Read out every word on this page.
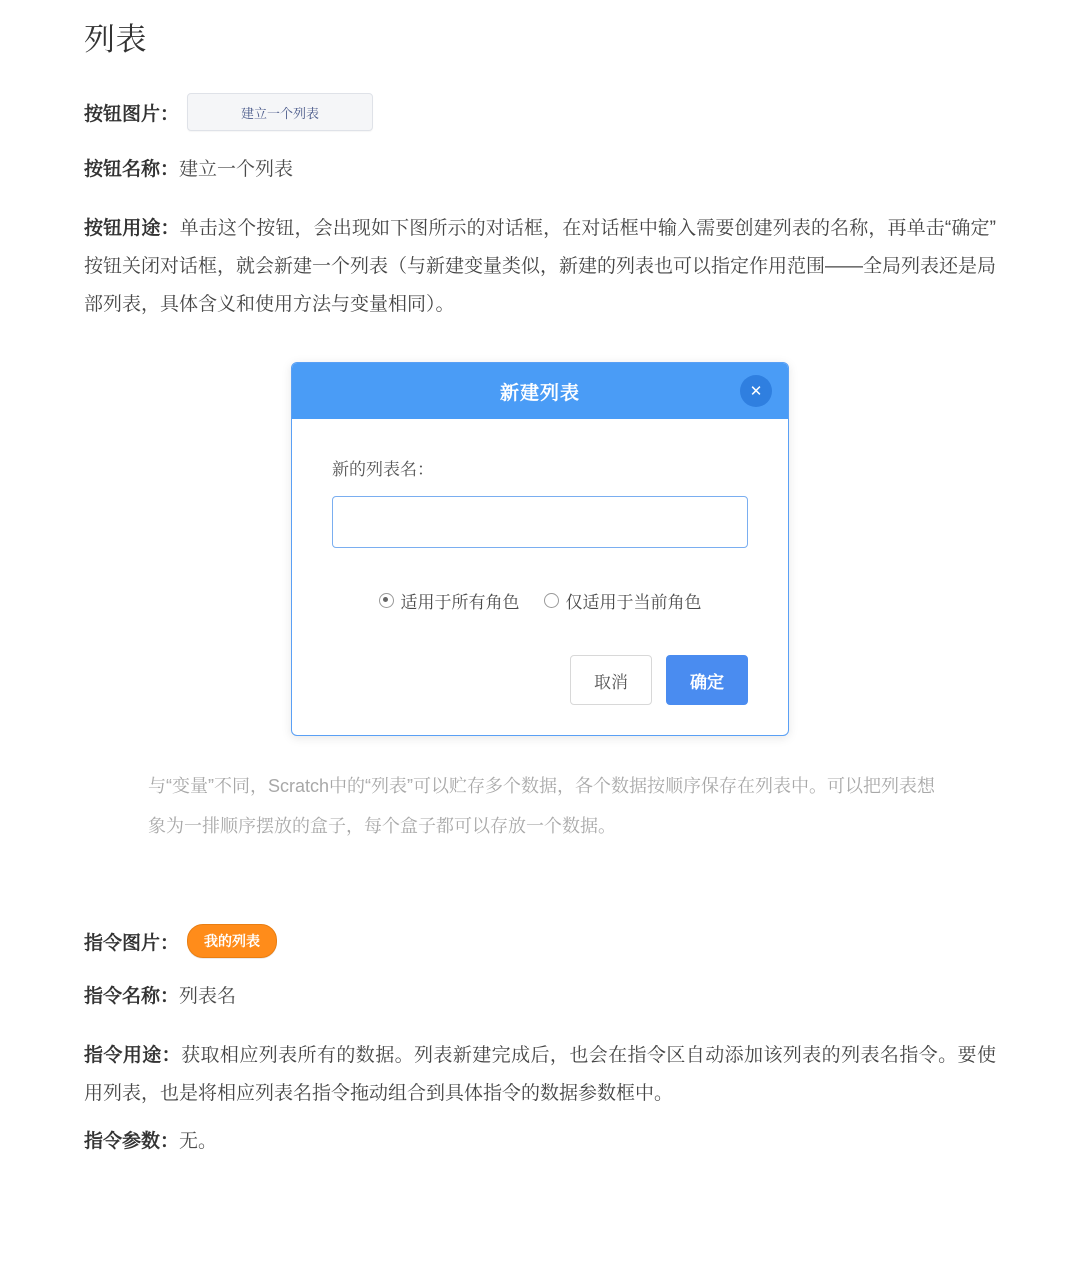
列表
按钮图片：	建立一个列表
按钮名称：建立一个列表

按钮用途：单击这个按钮，会出现如下图所示的对话框，在对话框中输入需要创建列表的名称，再单击“确定”按钮关闭对话框，就会新建一个列表（与新建变量类似，新建的列表也可以指定作用范围——全局列表还是局部列表，具体含义和使用方法与变量相同）。

新建列表	✕
新的列表名：
适用于所有角色	仅适用于当前角色
取消	确定

与“变量”不同，Scratch中的“列表”可以贮存多个数据，各个数据按顺序保存在列表中。可以把列表想象为一排顺序摆放的盒子，每个盒子都可以存放一个数据。

指令图片：	我的列表
指令名称：列表名

指令用途：获取相应列表所有的数据。列表新建完成后，也会在指令区自动添加该列表的列表名指令。要使用列表，也是将相应列表名指令拖动组合到具体指令的数据参数框中。

指令参数：无。
